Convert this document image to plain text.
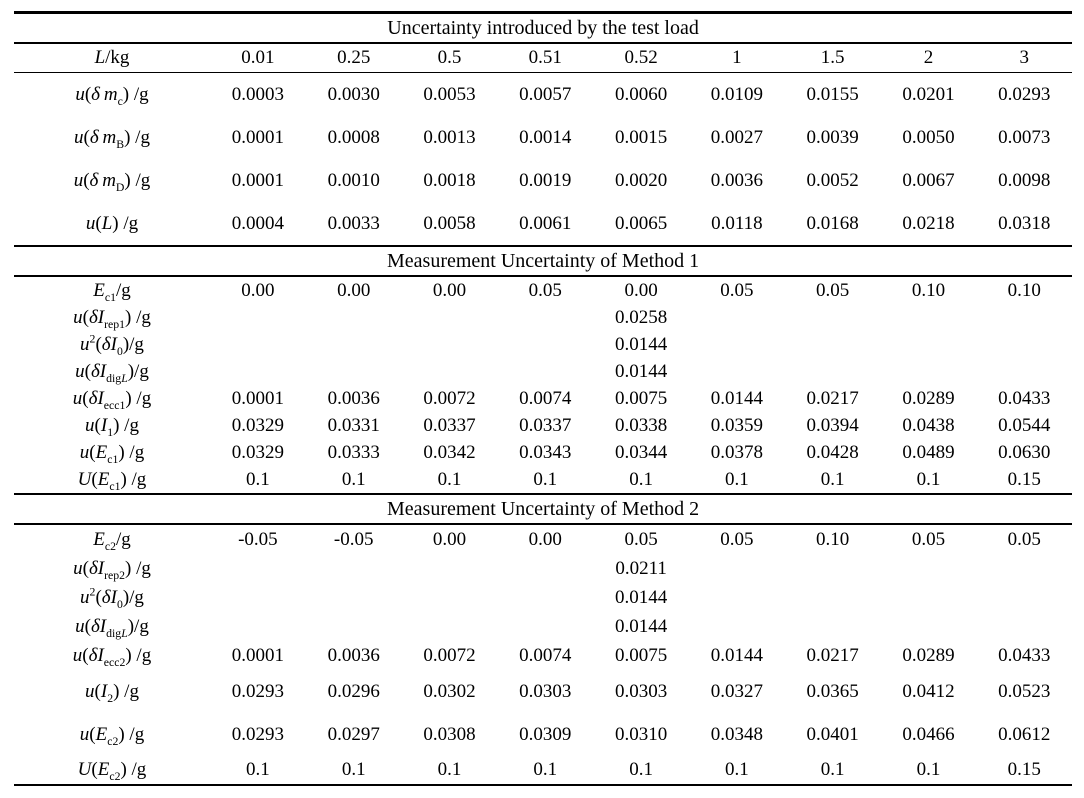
Uncertainty introduced by the test load									
L/kg	0.01	0.25	0.5	0.51	0.52	1	1.5	2	3
u(δ  $m_c$) /g	0.0003	0.0030	0.0053	0.0057	0.0060	0.0109	0.0155	0.0201	0.0293
u(δ  $m_B$) /g	0.0001	0.0008	0.0013	0.0014	0.0015	0.0027	0.0039	0.0050	0.0073
u(δ  $m_D$) /g	0.0001	0.0010	0.0018	0.0019	0.0020	0.0036	0.0052	0.0067	0.0098
u(L) /g	0.0004	0.0033	0.0058	0.0061	0.0065	0.0118	0.0168	0.0218	0.0318
Measurement Uncertainty of Method 1									
$E_{c1}/g$	0.00	0.00	0.00	0.05	0.00	0.05	0.05	0.10	0.10
$u(\delta I_{rep1})$ /g					0.0258				
$u^2(\delta I_0)/g$					0.0144				
$u(\delta I_{digL})/g$					0.0144				
$u(\delta I_{ecc1})$ /g	0.0001	0.0036	0.0072	0.0074	0.0075	0.0144	0.0217	0.0289	0.0433
$u(I_1)$ /g	0.0329	0.0331	0.0337	0.0337	0.0338	0.0359	0.0394	0.0438	0.0544
$u(E_{c1})$ /g	0.0329	0.0333	0.0342	0.0343	0.0344	0.0378	0.0428	0.0489	0.0630
$U(E_{c1})$ /g	0.1	0.1	0.1	0.1	0.1	0.1	0.1	0.1	0.15
Measurement Uncertainty of Method 2									
$E_{c2}/g$	-0.05	-0.05	0.00	0.00	0.05	0.05	0.10	0.05	0.05
$u(\delta I_{rep2})$ /g					0.0211				
$u^2(\delta I_0)/g$					0.0144				
$u(\delta I_{digL})/g$					0.0144				
$u(\delta I_{ecc2})$ /g	0.0001	0.0036	0.0072	0.0074	0.0075	0.0144	0.0217	0.0289	0.0433
$u(I_2)$ /g	0.0293	0.0296	0.0302	0.0303	0.0303	0.0327	0.0365	0.0412	0.0523
$u(E_{c2})$ /g	0.0293	0.0297	0.0308	0.0309	0.0310	0.0348	0.0401	0.0466	0.0612
$U(E_{c2})$ /g	0.1	0.1	0.1	0.1	0.1	0.1	0.1	0.1	0.15
